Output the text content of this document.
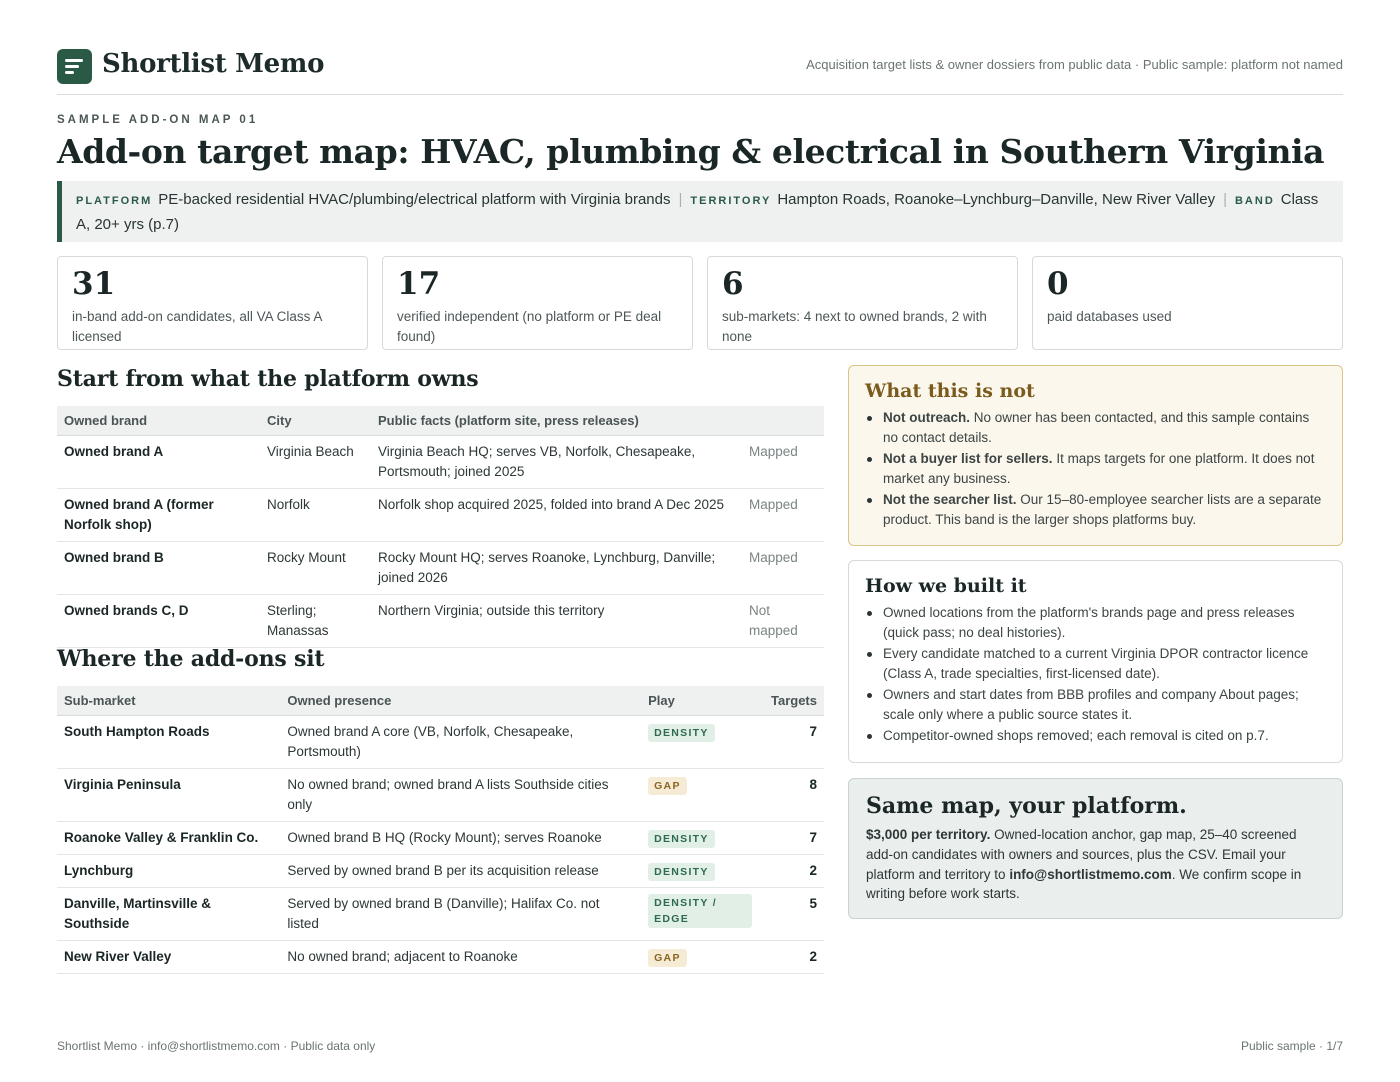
Shortlist Memo	Acquisition target lists & owner dossiers from public data · Public sample: platform not named
SAMPLE ADD-ON MAP 01
Add-on target map: HVAC, plumbing & electrical in Southern Virginia
PLATFORM PE-backed residential HVAC/plumbing/electrical platform with Virginia brands | TERRITORY Hampton Roads, Roanoke–Lynchburg–Danville, New River Valley | BAND Class A, 20+ yrs (p.7)
31
in-band add-on candidates, all VA Class A licensed
17
verified independent (no platform or PE deal found)
6
sub-markets: 4 next to owned brands, 2 with none
0
paid databases used
Start from what the platform owns
Owned brand	City	Public facts (platform site, press releases)	
Owned brand A	Virginia Beach	Virginia Beach HQ; serves VB, Norfolk, Chesapeake, Portsmouth; joined 2025	Mapped
Owned brand A (former Norfolk shop)	Norfolk	Norfolk shop acquired 2025, folded into brand A Dec 2025	Mapped
Owned brand B	Rocky Mount	Rocky Mount HQ; serves Roanoke, Lynchburg, Danville; joined 2026	Mapped
Owned brands C, D	Sterling; Manassas	Northern Virginia; outside this territory	Not mapped
Where the add-ons sit
Sub-market	Owned presence	Play	Targets
South Hampton Roads	Owned brand A core (VB, Norfolk, Chesapeake, Portsmouth)	DENSITY	7
Virginia Peninsula	No owned brand; owned brand A lists Southside cities only	GAP	8
Roanoke Valley & Franklin Co.	Owned brand B HQ (Rocky Mount); serves Roanoke	DENSITY	7
Lynchburg	Served by owned brand B per its acquisition release	DENSITY	2
Danville, Martinsville & Southside	Served by owned brand B (Danville); Halifax Co. not listed	DENSITY / EDGE	5
New River Valley	No owned brand; adjacent to Roanoke	GAP	2
What this is not
Not outreach. No owner has been contacted, and this sample contains no contact details.
Not a buyer list for sellers. It maps targets for one platform. It does not market any business.
Not the searcher list. Our 15–80-employee searcher lists are a separate product. This band is the larger shops platforms buy.
How we built it
Owned locations from the platform's brands page and press releases (quick pass; no deal histories).
Every candidate matched to a current Virginia DPOR contractor licence (Class A, trade specialties, first-licensed date).
Owners and start dates from BBB profiles and company About pages; scale only where a public source states it.
Competitor-owned shops removed; each removal is cited on p.7.
Same map, your platform.

$3,000 per territory. Owned-location anchor, gap map, 25–40 screened add-on candidates with owners and sources, plus the CSV. Email your platform and territory to info@shortlistmemo.com. We confirm scope in writing before work starts.

Shortlist Memo · info@shortlistmemo.com · Public data only	Public sample · 1/7
